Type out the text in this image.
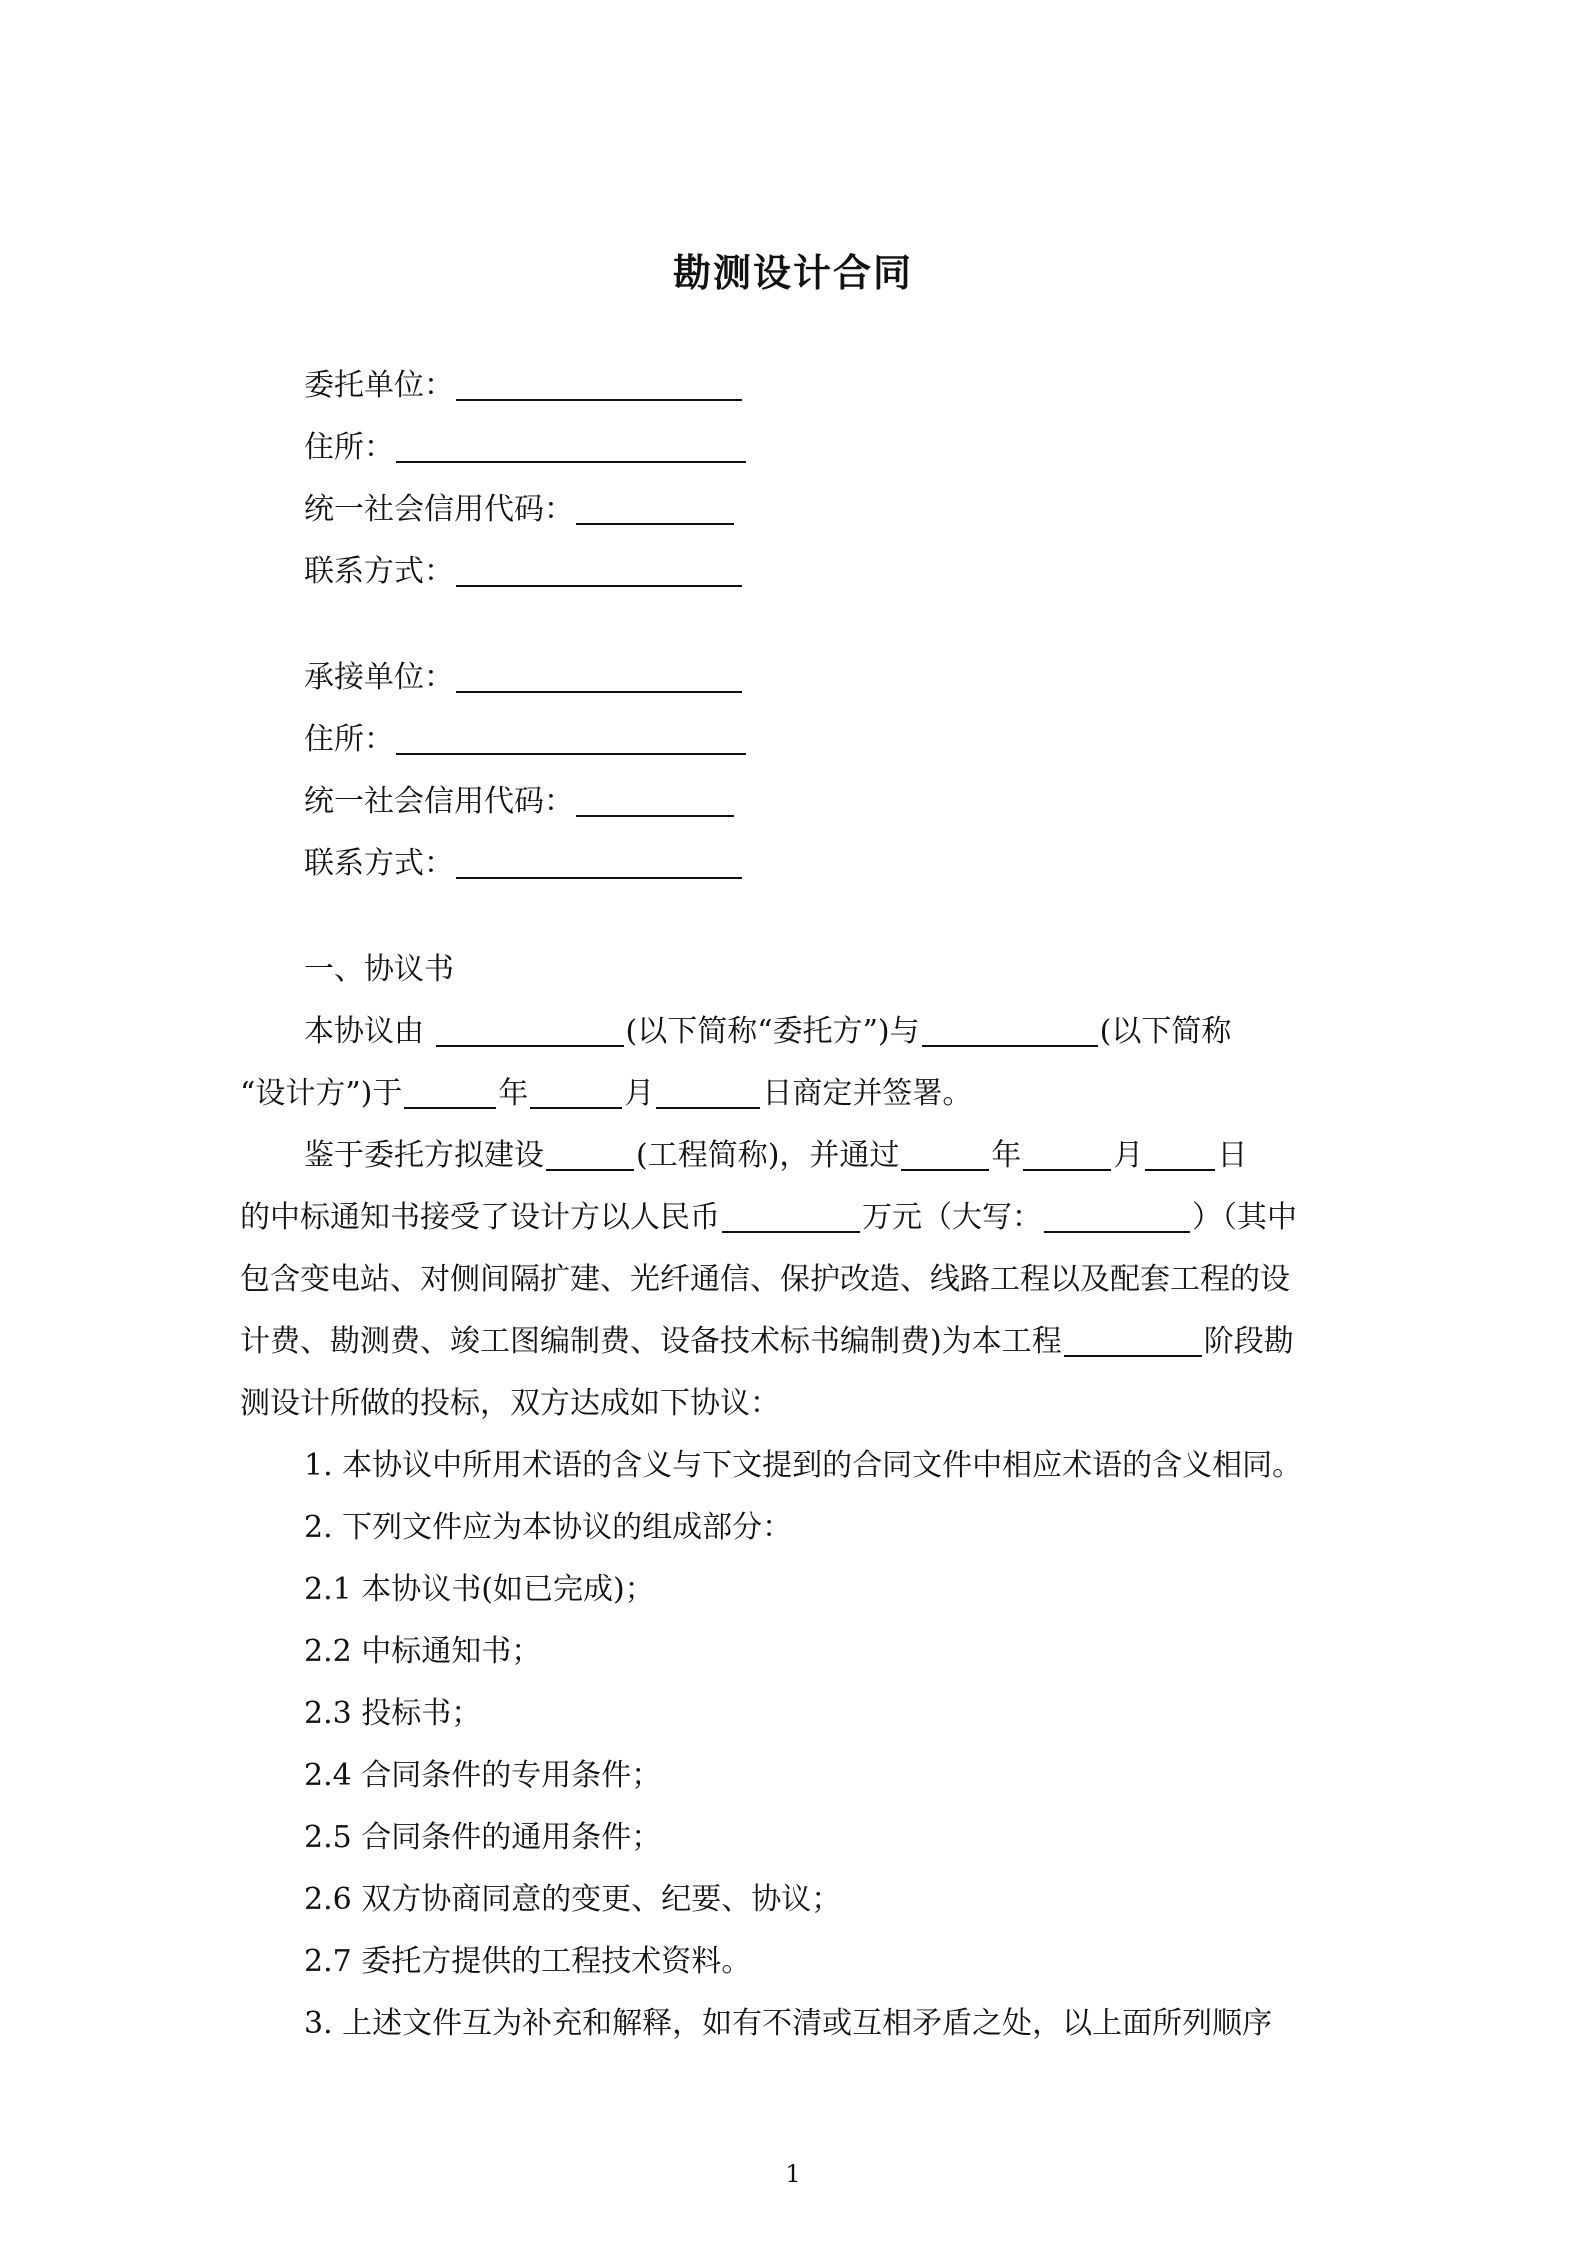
勘测设计合同
委托单位：
住所：
统一社会信用代码：
联系方式：
承接单位：
住所：
统一社会信用代码：
联系方式：
一、协议书
本协议由	(以下简称“委托方”)与	(以下简称
“设计方”)于	年	月	日商定并签署。
鉴于委托方拟建设	(工程简称)，并通过	年	月 日
的中标通知书接受了设计方以人民币	万元（大写：	）（其中
包含变电站、对侧间隔扩建、光纤通信、保护改造、线路工程以及配套工程的设
计费、勘测费、竣工图编制费、设备技术标书编制费)为本工程	阶段勘
测设计所做的投标，双方达成如下协议：
1. 本协议中所用术语的含义与下文提到的合同文件中相应术语的含义相同。
2. 下列文件应为本协议的组成部分：
2.1 本协议书(如已完成)；
2.2 中标通知书；
2.3 投标书；
2.4 合同条件的专用条件；
2.5 合同条件的通用条件；
2.6 双方协商同意的变更、纪要、协议；
2.7 委托方提供的工程技术资料。
3. 上述文件互为补充和解释，如有不清或互相矛盾之处，以上面所列顺序
1
